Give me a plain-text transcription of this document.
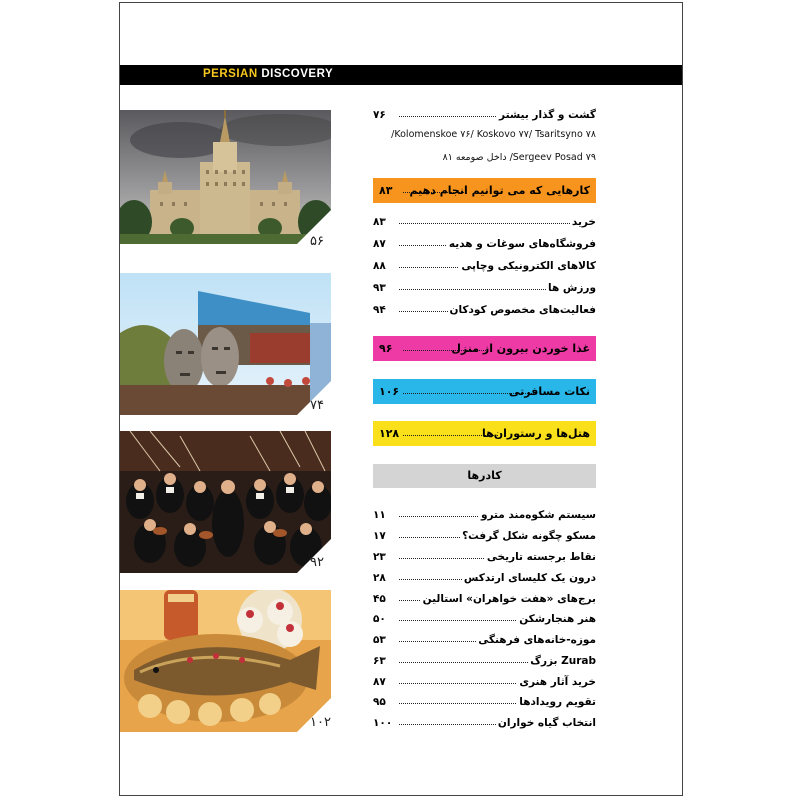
PERSIAN DISCOVERY
۵۶
۷۴
۹۲
۱۰۲
گشت و گذار بیشتر
۷۶
Kolomenskoe ۷۶/ Koskovo ۷۷/ Tsaritsyno ۷۸/
Sergeev Posad ۷۹/ داخل صومعه ۸۱
کارهایی که می توانیم انجام دهیم
۸۳
خرید
۸۳
فروشگاه‌های سوغات و هدیه
۸۷
کالاهای الکترونیکی وچاپی
۸۸
ورزش ها
۹۳
فعالیت‌های مخصوص کودکان
۹۴
غذا خوردن بیرون از منزل
۹۶
نکات مسافرتی
۱۰۶
هتل‌ها و رستوران‌ها
۱۲۸
کادرها
سیستم شکوه‌مند مترو
۱۱
مسکو چگونه شکل گرفت؟
۱۷
نقاط برجسته تاریخی
۲۳
درون یک کلیسای ارتدکس
۲۸
برج‌های «هفت خواهران» استالین
۴۵
هنر هنجارشکن
۵۰
موزه-خانه‌های فرهنگی
۵۳
Zurab بزرگ
۶۳
خرید آثار هنری
۸۷
تقویم رویدادها
۹۵
انتخاب گیاه خواران
۱۰۰
